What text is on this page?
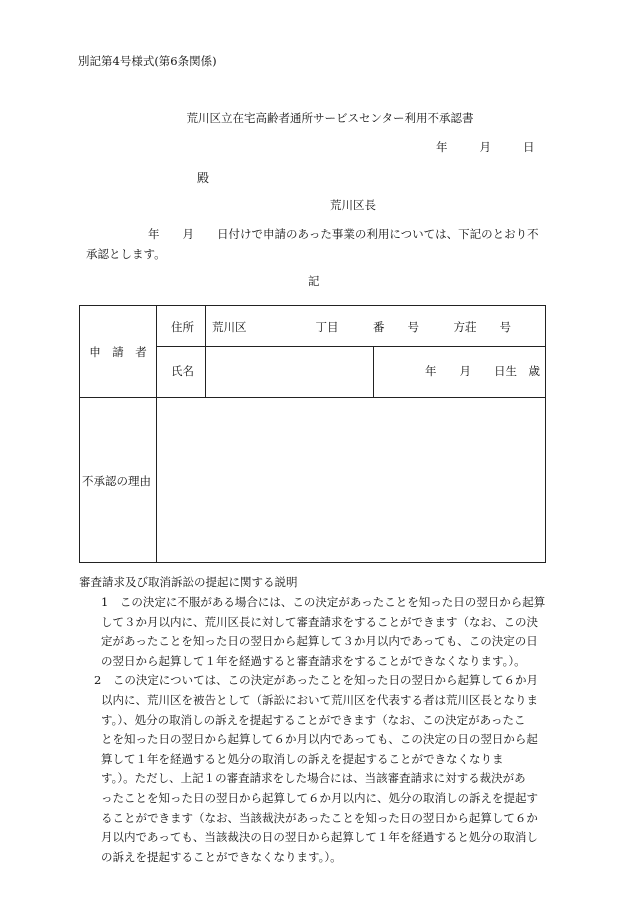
別記第4号様式(第6条関係)
荒川区立在宅高齢者通所サービスセンター利用不承認書
年	月	日
殿
荒川区長
年　　月　　日付けで申請のあった事業の利用については、下記のとおり不
承認とします。
記
申　請　者
住所 荒川区　　　　　　丁目　　　番　　号　　　方荘　　号
氏名	年　　月　　日生　歳
不承認の理由
審査請求及び取消訴訟の提起に関する説明
1　この決定に不服がある場合には、この決定があったことを知った日の翌日から起算
して３か月以内に、荒川区長に対して審査請求をすることができます（なお、この決
定があったことを知った日の翌日から起算して３か月以内であっても、この決定の日
の翌日から起算して１年を経過すると審査請求をすることができなくなります。）。
2　この決定については、この決定があったことを知った日の翌日から起算して６か月
以内に、荒川区を被告として（訴訟において荒川区を代表する者は荒川区長となりま
す。）、処分の取消しの訴えを提起することができます（なお、この決定があったこ
とを知った日の翌日から起算して６か月以内であっても、この決定の日の翌日から起
算して１年を経過すると処分の取消しの訴えを提起することができなくなりま
す。）。ただし、上記１の審査請求をした場合には、当該審査請求に対する裁決があ
ったことを知った日の翌日から起算して６か月以内に、処分の取消しの訴えを提起す
ることができます（なお、当該裁決があったことを知った日の翌日から起算して６か
月以内であっても、当該裁決の日の翌日から起算して１年を経過すると処分の取消し
の訴えを提起することができなくなります。）。
